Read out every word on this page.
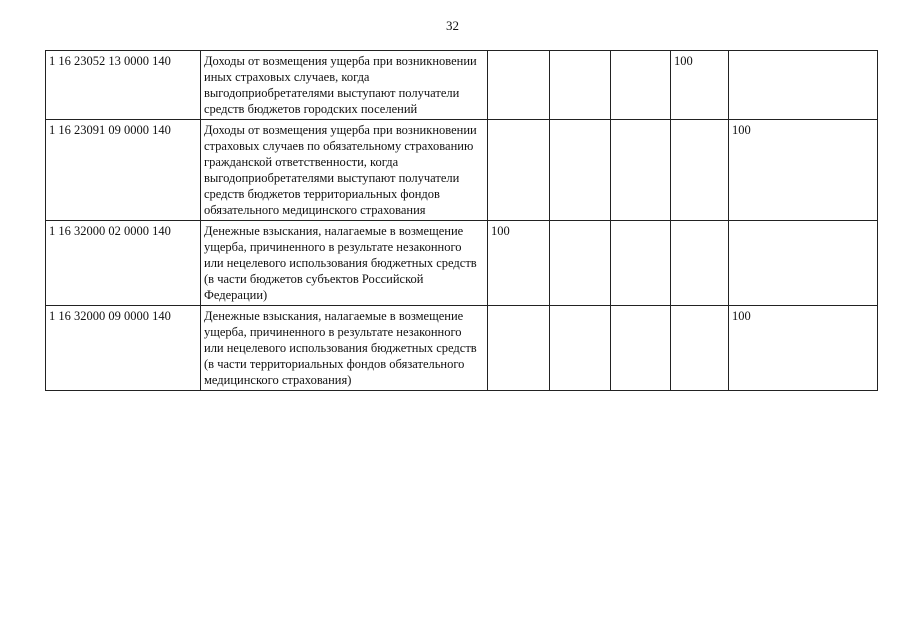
32
1 16 23052 13 0000 140	Доходы от возмещения ущерба при возникновении иных страховых случаев, когда выгодоприобретателями выступают получатели средств бюджетов городских поселений				100	
1 16 23091 09 0000 140	Доходы от возмещения ущерба при возникновении страховых случаев по обязательному страхованию гражданской ответственности, когда выгодоприобретателями выступают получатели средств бюджетов территориальных фондов обязательного медицинского страхования					100
1 16 32000 02 0000 140	Денежные взыскания, налагаемые в возмещение ущерба, причиненного в результате незаконного или нецелевого использования бюджетных средств (в части бюджетов субъектов Российской Федерации)	100				
1 16 32000 09 0000 140	Денежные взыскания, налагаемые в возмещение ущерба, причиненного в результате незаконного или нецелевого использования бюджетных средств (в части территориальных фондов обязательного медицинского страхования)					100
